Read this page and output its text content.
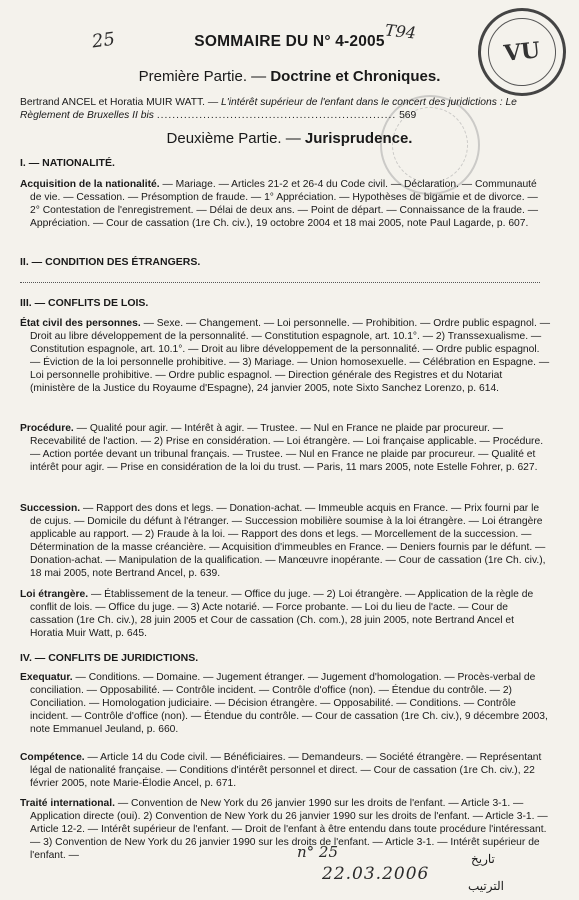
25	SOMMAIRE DU N° 4-2005 T94
VU
Première Partie. — Doctrine et Chroniques.
Bertrand ANCEL et Horatia MUIR WATT. — L'intérêt supérieur de l'enfant dans le concert des juridictions : Le Règlement de Bruxelles II bis .............................................................. 569
Deuxième Partie. — Jurisprudence.
I. — NATIONALITÉ.
Acquisition de la nationalité. — Mariage. — Articles 21-2 et 26-4 du Code civil. — Déclaration. — Communauté de vie. — Cessation. — Présomption de fraude. — 1° Appréciation. — Hypothèses de bigamie et de divorce. — 2° Contestation de l'enregistrement. — Délai de deux ans. — Point de départ. — Connaissance de la fraude. — Appréciation. — Cour de cassation (1re Ch. civ.), 19 octobre 2004 et 18 mai 2005, note Paul Lagarde, p. 607.
II. — CONDITION DES ÉTRANGERS.
III. — CONFLITS DE LOIS.
État civil des personnes. — Sexe. — Changement. — Loi personnelle. — Prohibition. — Ordre public espagnol. — Droit au libre développement de la personnalité. — Constitution espagnole, art. 10.1°. — 2) Transsexualisme. — Constitution espagnole, art. 10.1°. — Droit au libre développement de la personnalité. — Ordre public espagnol. — Éviction de la loi personnelle prohibitive. — 3) Mariage. — Union homosexuelle. — Célébration en Espagne. — Loi personnelle prohibitive. — Ordre public espagnol. — Direction générale des Registres et du Notariat (ministère de la Justice du Royaume d'Espagne), 24 janvier 2005, note Sixto Sanchez Lorenzo, p. 614.
Procédure. — Qualité pour agir. — Intérêt à agir. — Trustee. — Nul en France ne plaide par procureur. — Recevabilité de l'action. — 2) Prise en considération. — Loi étrangère. — Loi française applicable. — Procédure. — Action portée devant un tribunal français. — Trustee. — Nul en France ne plaide par procureur. — Qualité et intérêt pour agir. — Prise en considération de la loi du trust. — Paris, 11 mars 2005, note Estelle Fohrer, p. 627.
Succession. — Rapport des dons et legs. — Donation-achat. — Immeuble acquis en France. — Prix fourni par le de cujus. — Domicile du défunt à l'étranger. — Succession mobilière soumise à la loi étrangère. — Loi étrangère applicable au rapport. — 2) Fraude à la loi. — Rapport des dons et legs. — Morcellement de la succession. — Détermination de la masse créancière. — Acquisition d'immeubles en France. — Deniers fournis par le défunt. — Donation-achat. — Manipulation de la qualification. — Manœuvre inopérante. — Cour de cassation (1re Ch. civ.), 18 mai 2005, note Bertrand Ancel, p. 639.
Loi étrangère. — Établissement de la teneur. — Office du juge. — 2) Loi étrangère. — Application de la règle de conflit de lois. — Office du juge. — 3) Acte notarié. — Force probante. — Loi du lieu de l'acte. — Cour de cassation (1re Ch. civ.), 28 juin 2005 et Cour de cassation (Ch. com.), 28 juin 2005, note Bertrand Ancel et Horatia Muir Watt, p. 645.
IV. — CONFLITS DE JURIDICTIONS.
Exequatur. — Conditions. — Domaine. — Jugement étranger. — Jugement d'homologation. — Procès-verbal de conciliation. — Opposabilité. — Contrôle incident. — Contrôle d'office (non). — Étendue du contrôle. — 2) Conciliation. — Homologation judiciaire. — Décision étrangère. — Opposabilité. — Conditions. — Contrôle incident. — Contrôle d'office (non). — Étendue du contrôle. — Cour de cassation (1re Ch. civ.), 9 décembre 2003, note Emmanuel Jeuland, p. 660.
Compétence. — Article 14 du Code civil. — Bénéficiaires. — Demandeurs. — Société étrangère. — Représentant légal de nationalité française. — Conditions d'intérêt personnel et direct. — Cour de cassation (1re Ch. civ.), 22 février 2005, note Marie-Élodie Ancel, p. 671.
Traité international. — Convention de New York du 26 janvier 1990 sur les droits de l'enfant. — Article 3-1. — Application directe (oui). 2) Convention de New York du 26 janvier 1990 sur les droits de l'enfant. — Article 3-1. — Article 12-2. — Intérêt supérieur de l'enfant. — Droit de l'enfant à être entendu dans toute procédure l'intéressant. — 3) Convention de New York du 26 janvier 1990 sur les droits de l'enfant. — Article 3-1. — Intérêt supérieur de l'enfant. —	n° 25
22.03.2006
تاريخ
الترتيب
